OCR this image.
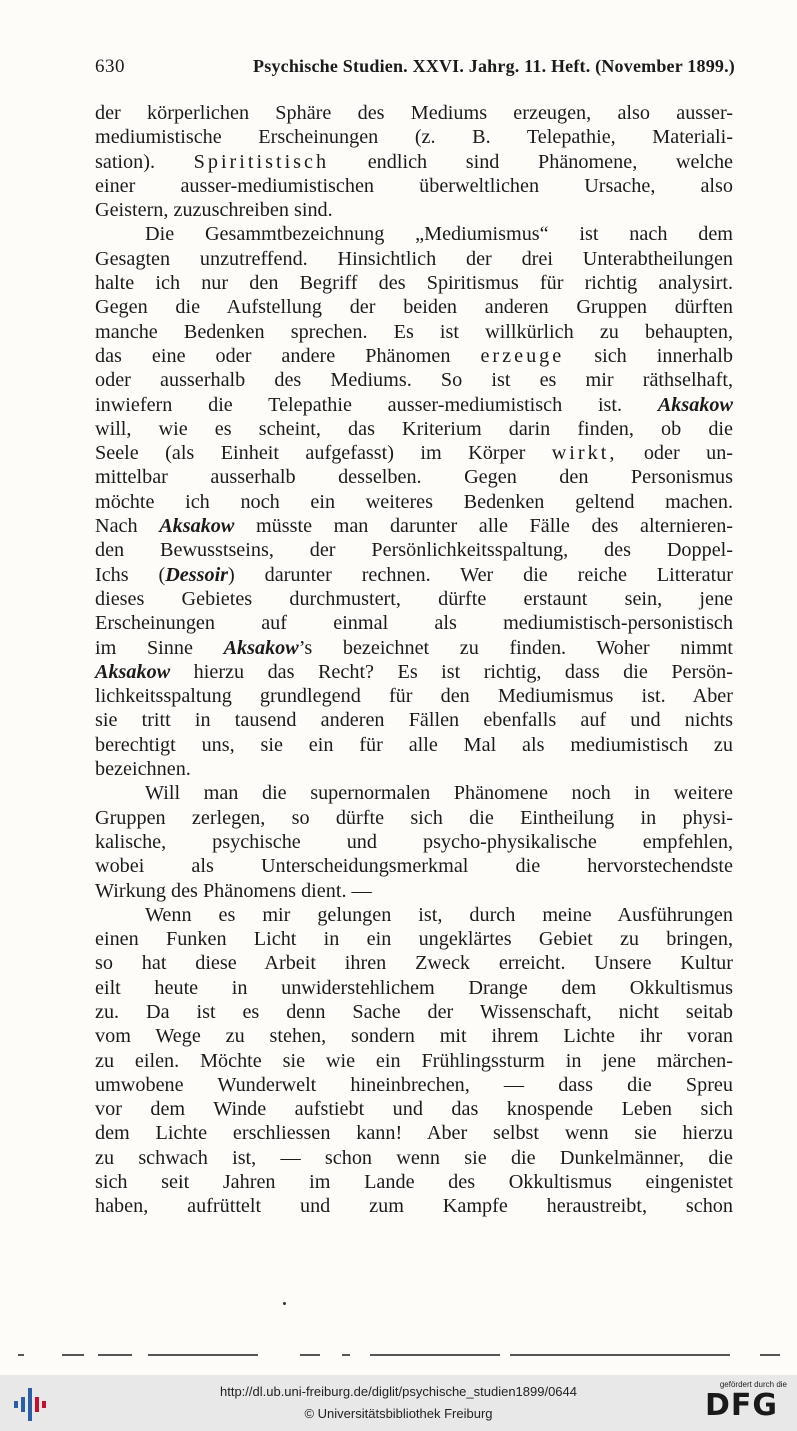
630	Psychische Studien. XXVI. Jahrg. 11. Heft. (November 1899.)
der körperlichen Sphäre des Mediums erzeugen, also ausser-
mediumistische Erscheinungen (z. B. Telepathie, Materiali-
sation). Spiritistisch endlich sind Phänomene, welche
einer ausser-mediumistischen überweltlichen Ursache, also
Geistern, zuzuschreiben sind.
Die Gesammtbezeichnung „Mediumismus“ ist nach dem
Gesagten unzutreffend. Hinsichtlich der drei Unterabtheilungen
halte ich nur den Begriff des Spiritismus für richtig analysirt.
Gegen die Aufstellung der beiden anderen Gruppen dürften
manche Bedenken sprechen. Es ist willkürlich zu behaupten,
das eine oder andere Phänomen erzeuge sich innerhalb
oder ausserhalb des Mediums. So ist es mir räthselhaft,
inwiefern die Telepathie ausser-mediumistisch ist. Aksakow
will, wie es scheint, das Kriterium darin finden, ob die
Seele (als Einheit aufgefasst) im Körper wirkt, oder un-
mittelbar ausserhalb desselben. Gegen den Personismus
möchte ich noch ein weiteres Bedenken geltend machen.
Nach Aksakow müsste man darunter alle Fälle des alternieren-
den Bewusstseins, der Persönlichkeitsspaltung, des Doppel-
Ichs (Dessoir) darunter rechnen. Wer die reiche Litteratur
dieses Gebietes durchmustert, dürfte erstaunt sein, jene
Erscheinungen auf einmal als mediumistisch-personistisch
im Sinne Aksakow’s bezeichnet zu finden. Woher nimmt
Aksakow hierzu das Recht? Es ist richtig, dass die Persön-
lichkeitsspaltung grundlegend für den Mediumismus ist. Aber
sie tritt in tausend anderen Fällen ebenfalls auf und nichts
berechtigt uns, sie ein für alle Mal als mediumistisch zu
bezeichnen.
Will man die supernormalen Phänomene noch in weitere
Gruppen zerlegen, so dürfte sich die Eintheilung in physi-
kalische, psychische und psycho-physikalische empfehlen,
wobei als Unterscheidungsmerkmal die hervorstechendste
Wirkung des Phänomens dient. —
Wenn es mir gelungen ist, durch meine Ausführungen
einen Funken Licht in ein ungeklärtes Gebiet zu bringen,
so hat diese Arbeit ihren Zweck erreicht. Unsere Kultur
eilt heute in unwiderstehlichem Drange dem Okkultismus
zu. Da ist es denn Sache der Wissenschaft, nicht seitab
vom Wege zu stehen, sondern mit ihrem Lichte ihr voran
zu eilen. Möchte sie wie ein Frühlingssturm in jene märchen-
umwobene Wunderwelt hineinbrechen, — dass die Spreu
vor dem Winde aufstiebt und das knospende Leben sich
dem Lichte erschliessen kann! Aber selbst wenn sie hierzu
zu schwach ist, — schon wenn sie die Dunkelmänner, die
sich seit Jahren im Lande des Okkultismus eingenistet
haben, aufrüttelt und zum Kampfe heraustreibt, schon
http://dl.ub.uni-freiburg.de/diglit/psychische_studien1899/0644
© Universitätsbibliothek Freiburg
gefördert durch die
DFG
